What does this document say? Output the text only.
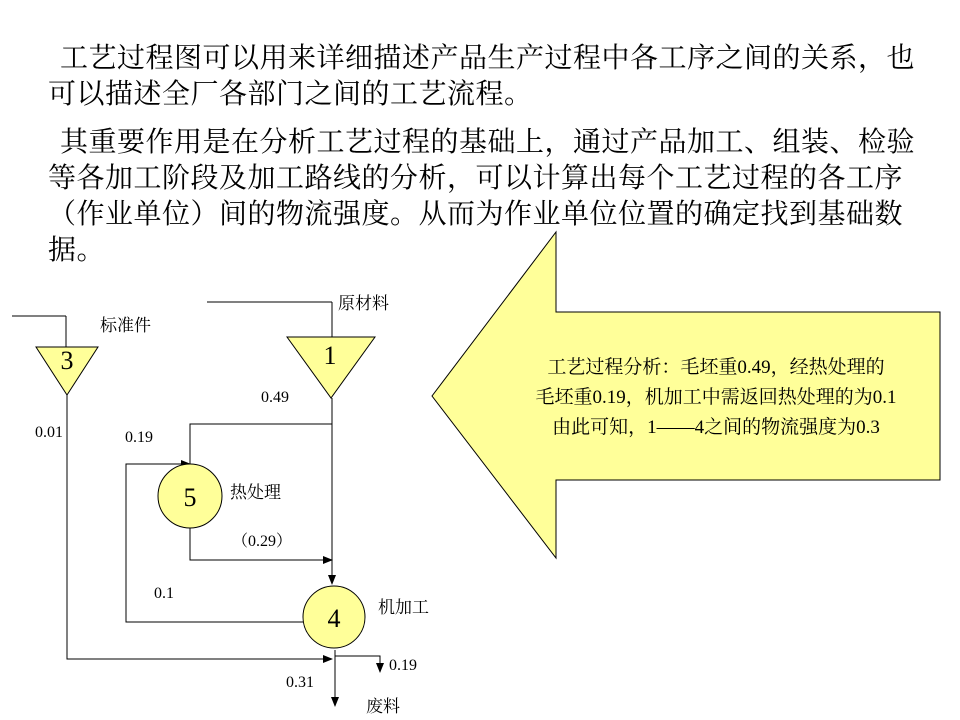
工艺过程图可以用来详细描述产品生产过程中各工序之间的关系，也可以描述全厂各部门之间的工艺流程。

其重要作用是在分析工艺过程的基础上，通过产品加工、组装、检验等各加工阶段及加工路线的分析，可以计算出每个工艺过程的各工序（作业单位）间的物流强度。从而为作业单位位置的确定找到基础数据。

工艺过程分析：毛坯重0.49，经热处理的
毛坯重0.19，机加工中需返回热处理的为0.1
由此可知，1——4之间的物流强度为0.3
1
3
5
4
原材料
标准件
热处理
机加工
废料
0.49
0.01	0.19
（0.29）
0.1
0.19
0.31
